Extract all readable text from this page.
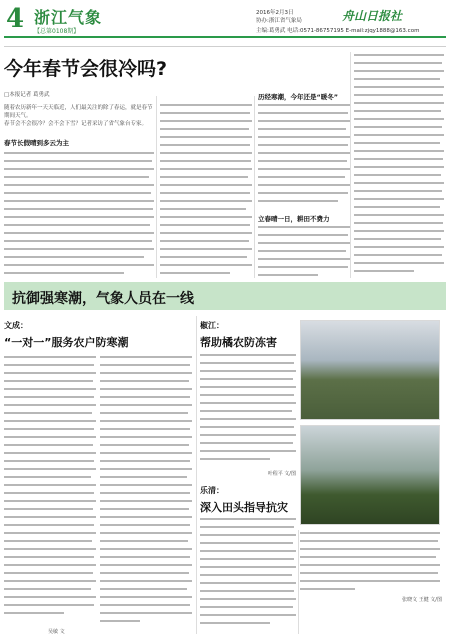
4 浙江气象
【总第0108期】
2016年2月3日
协办:浙江省气象局	舟山日报社
主编:葛勇武 电话:0571-86757195 E-mail:zjqy1888@163.com
今年春节会很冷吗?
□本报记者 葛勇武
随着农历新年一天天临近，人们最关注的除了春运，就是春节期间天气。
春节会不会很冷？会不会下雪？记者采访了省气象台专家。
春节长假晴到多云为主
历经寒潮，今年还是“暖冬”
立春晴一日，耕田不费力
抗御强寒潮，气象人员在一线
文成：
“一对一”服务农户防寒潮
椒江：
帮助橘农防冻害
叶程平 文/图
乐清：
深入田头指导抗灾
张晓文 王健 文/图
吴敏 文
